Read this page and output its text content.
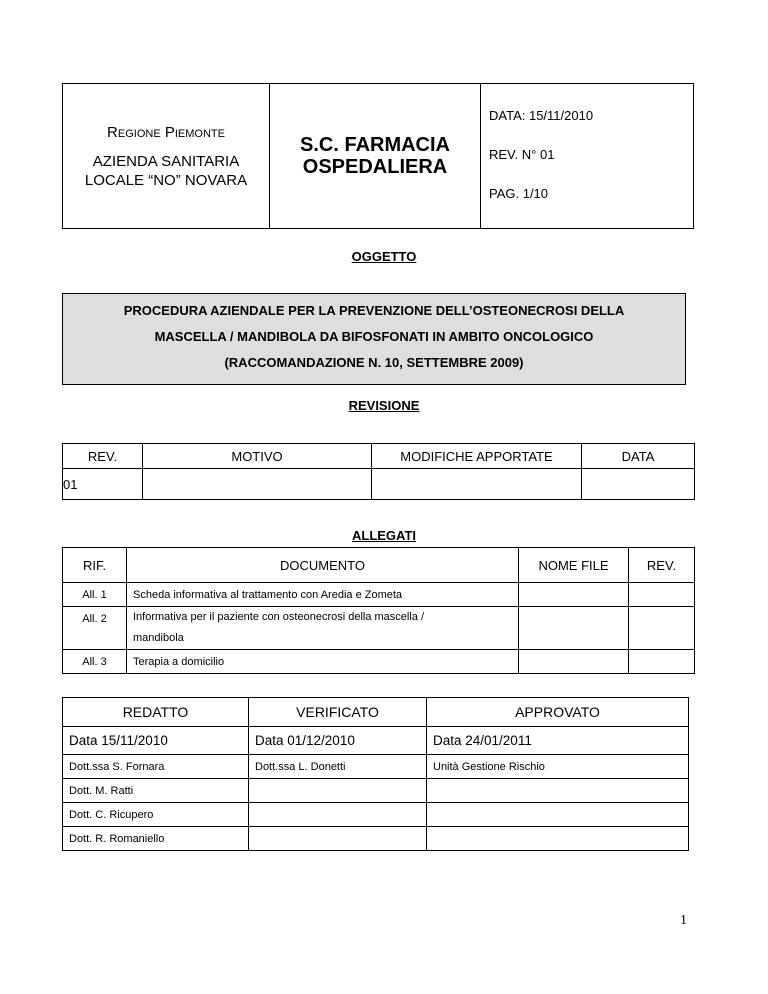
Regione Piemonte
AZIENDA SANITARIA
LOCALE “NO” NOVARA

S.C. FARMACIA
OSPEDALIERA

DATA: 15/11/2010
REV. N° 01
PAG. 1/10
OGGETTO
PROCEDURA AZIENDALE PER LA PREVENZIONE DELL’OSTEONECROSI DELLA
MASCELLA / MANDIBOLA DA BIFOSFONATI IN AMBITO ONCOLOGICO
(RACCOMANDAZIONE N. 10, SETTEMBRE 2009)
REVISIONE
REV.	MOTIVO	MODIFICHE APPORTATE	DATA
01			
ALLEGATI
RIF.	DOCUMENTO	NOME FILE	REV.
All. 1	Scheda informativa al trattamento con Aredia e Zometa		
All. 2	Informativa per il paziente con osteonecrosi della mascella /
mandibola		

All. 3	Terapia a domicilio		
REDATTO	VERIFICATO	APPROVATO
Data 15/11/2010	Data 01/12/2010	Data 24/01/2011
Dott.ssa S. Fornara	Dott.ssa L. Donetti	Unità Gestione Rischio
Dott. M. Ratti		
Dott. C. Ricupero		
Dott. R. Romaniello		
1
